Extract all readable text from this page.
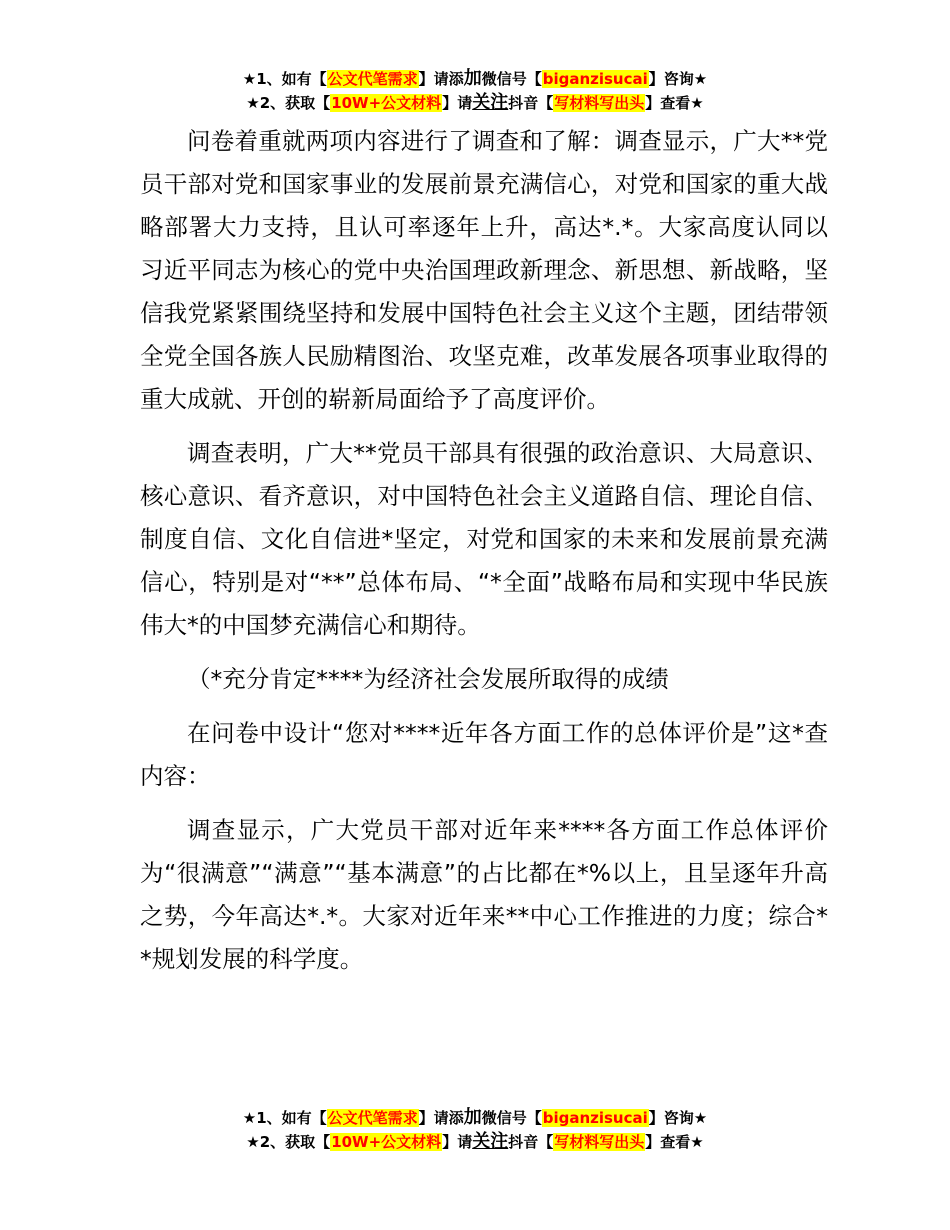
★1、如有【公文代笔需求】请添加微信号【biganzisucai】咨询★
★2、获取【10W+公文材料】请关注抖音【写材料写出头】查看★

问卷着重就两项内容进行了调查和了解：调查显示，广大**党员干部对党和国家事业的发展前景充满信心，对党和国家的重大战略部署大力支持，且认可率逐年上升，高达*.*。大家高度认同以习近平同志为核心的党中央治国理政新理念、新思想、新战略，坚信我党紧紧围绕坚持和发展中国特色社会主义这个主题，团结带领全党全国各族人民励精图治、攻坚克难，改革发展各项事业取得的重大成就、开创的崭新局面给予了高度评价。

调查表明，广大**党员干部具有很强的政治意识、大局意识、核心意识、看齐意识，对中国特色社会主义道路自信、理论自信、制度自信、文化自信进*坚定，对党和国家的未来和发展前景充满信心，特别是对“**”总体布局、“*全面”战略布局和实现中华民族伟大*的中国梦充满信心和期待。

（*充分肯定****为经济社会发展所取得的成绩

在问卷中设计“您对****近年各方面工作的总体评价是”这*查内容：

调查显示，广大党员干部对近年来****各方面工作总体评价为“很满意”“满意”“基本满意”的占比都在*%以上，且呈逐年升高之势，今年高达*.*。大家对近年来**中心工作推进的力度；综合**规划发展的科学度。

★1、如有【公文代笔需求】请添加微信号【biganzisucai】咨询★
★2、获取【10W+公文材料】请关注抖音【写材料写出头】查看★
